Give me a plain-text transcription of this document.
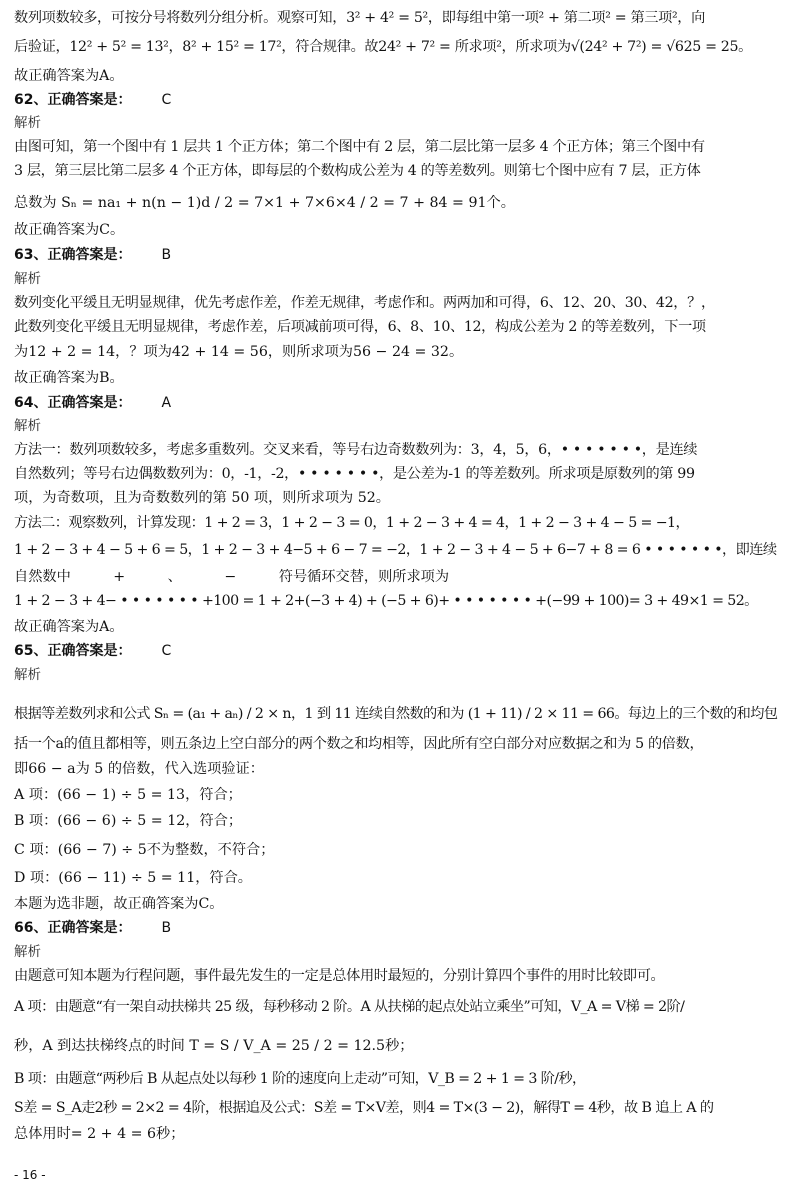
数列项数较多，可按分号将数列分组分析。观察可知，3² + 4² = 5²，即每组中第一项² + 第二项² = 第三项²，向
后验证，12² + 5² = 13²，8² + 15² = 17²，符合规律。故24² + 7² = 所求项²，所求项为√(24² + 7²) = √625 = 25。
故正确答案为A。
62、正确答案是： C
解析
由图可知，第一个图中有 1 层共 1 个正方体；第二个图中有 2 层，第二层比第一层多 4 个正方体；第三个图中有
3 层，第三层比第二层多 4 个正方体，即每层的个数构成公差为 4 的等差数列。则第七个图中应有 7 层，正方体
总数为 Sₙ = na₁ + n(n − 1)d / 2 = 7×1 + 7×6×4 / 2 = 7 + 84 = 91个。
故正确答案为C。
63、正确答案是： B
解析
数列变化平缓且无明显规律，优先考虑作差，作差无规律，考虑作和。两两加和可得，6、12、20、30、42，？，
此数列变化平缓且无明显规律，考虑作差，后项减前项可得，6、8、10、12，构成公差为 2 的等差数列，下一项
为12 + 2 = 14，？项为42 + 14 = 56，则所求项为56 − 24 = 32。
故正确答案为B。
64、正确答案是： A
解析
方法一：数列项数较多，考虑多重数列。交叉来看，等号右边奇数数列为：3，4，5，6，• • • • • • •，是连续
自然数列；等号右边偶数数列为：0，-1，-2，• • • • • • •，是公差为-1 的等差数列。所求项是原数列的第 99
项，为奇数项，且为奇数数列的第 50 项，则所求项为 52。
方法二：观察数列，计算发现：1 + 2 = 3，1 + 2 − 3 = 0，1 + 2 − 3 + 4 = 4，1 + 2 − 3 + 4 − 5 = −1，
1 + 2 − 3 + 4 − 5 + 6 = 5，1 + 2 − 3 + 4−5 + 6 − 7 = −2，1 + 2 − 3 + 4 − 5 + 6−7 + 8 = 6 • • • • • • •，即连续
自然数中 + 、 − 符号循环交替，则所求项为
1 + 2 − 3 + 4− • • • • • • • +100 = 1 + 2+(−3 + 4) + (−5 + 6)+ • • • • • • • +(−99 + 100)= 3 + 49×1 = 52。
故正确答案为A。
65、正确答案是： C
解析
根据等差数列求和公式 Sₙ = (a₁ + aₙ) / 2 × n，1 到 11 连续自然数的和为 (1 + 11) / 2 × 11 = 66。每边上的三个数的和均包
括一个a的值且都相等，则五条边上空白部分的两个数之和均相等，因此所有空白部分对应数据之和为 5 的倍数，
即66 − a为 5 的倍数，代入选项验证：
A 项：(66 − 1) ÷ 5 = 13，符合；
B 项：(66 − 6) ÷ 5 = 12，符合；
C 项：(66 − 7) ÷ 5不为整数，不符合；
D 项：(66 − 11) ÷ 5 = 11，符合。
本题为选非题，故正确答案为C。
66、正确答案是： B
解析
由题意可知本题为行程问题，事件最先发生的一定是总体用时最短的，分别计算四个事件的用时比较即可。
A 项：由题意“有一架自动扶梯共 25 级，每秒移动 2 阶。A 从扶梯的起点处站立乘坐”可知，V_A = V梯 = 2阶/
秒，A 到达扶梯终点的时间 T = S / V_A = 25 / 2 = 12.5秒；
B 项：由题意“两秒后 B 从起点处以每秒 1 阶的速度向上走动”可知，V_B = 2 + 1 = 3 阶/秒，
S差 = S_A走2秒 = 2×2 = 4阶，根据追及公式：S差 = T×V差，则4 = T×(3 − 2)，解得T = 4秒，故 B 追上 A 的
总体用时= 2 + 4 = 6秒；
- 16 -
